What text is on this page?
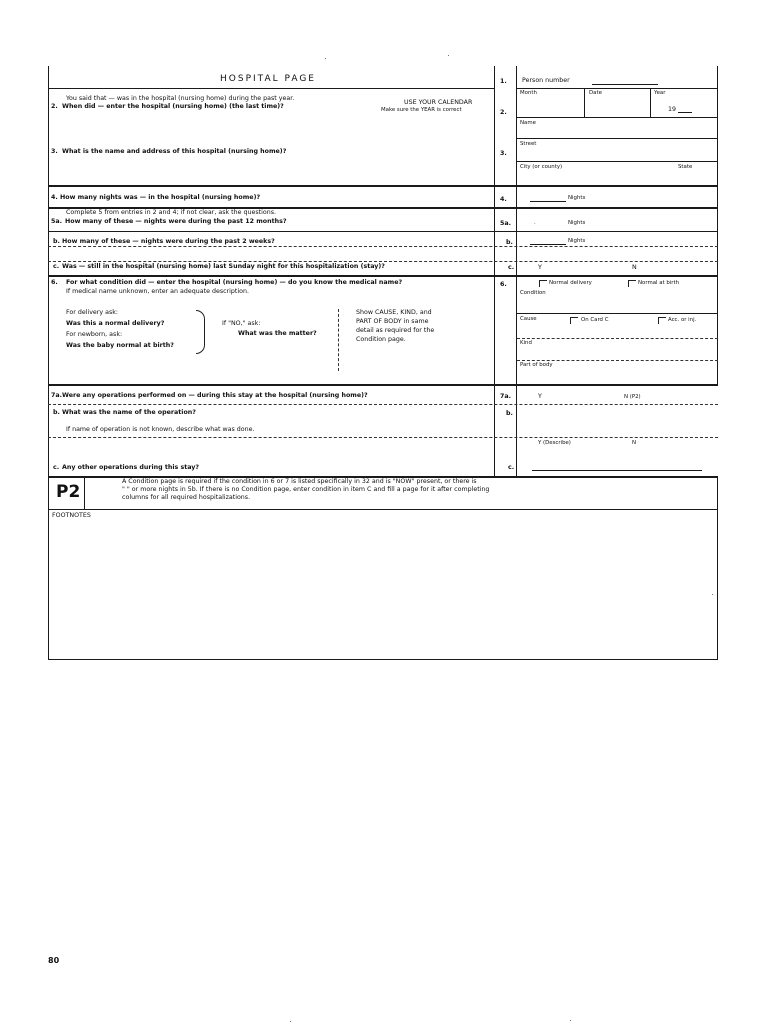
HOSPITAL PAGE	1. Person number
You said that — was in the hospital (nursing home) during the past year.
2. When did — enter the hospital (nursing home) (the last time)?
USE YOUR CALENDAR
Make sure the YEAR is correct	2.
Month	Date	Year
19
Name
Street
3. What is the name and address of this hospital (nursing home)?	3.
City (or county)	State
4. How many nights was — in the hospital (nursing home)?	4.	Nights
Complete 5 from entries in 2 and 4; if not clear, ask the questions.
5a. How many of these — nights were during the past 12 months?	5a.	.	Nights
b. How many of these — nights were during the past 2 weeks?	b.	Nights
c. Was — still in the hospital (nursing home) last Sunday night for this hospitalization (stay)?	c.	Y	N
6. For what condition did — enter the hospital (nursing home) — do you know the medical name?
If medical name unknown, enter an adequate description.
6.
For delivery ask:
Was this a normal delivery?
For newborn, ask:
Was the baby normal at birth?
If "NO," ask:
What was the matter?
Show CAUSE, KIND, and
PART OF BODY in same
detail as required for the
Condition page.
Normal delivery	Normal at birth
Condition
Cause	On Card C	Acc. or inj.
Kind
Part of body
7a. Were any operations performed on — during this stay at the hospital (nursing home)?	7a.	Y	N (P2)
b. What was the name of the operation?	b.
If name of operation is not known, describe what was done.
Y (Describe)	N
c. Any other operations during this stay?	c.
P2
A Condition page is required if the condition in 6 or 7 is listed specifically in 32 and is "NOW" present, or there is
" " or more nights in 5b. If there is no Condition page, enter condition in item C and fill a page for it after completing
columns for all required hospitalizations.
FOOTNOTES
80
